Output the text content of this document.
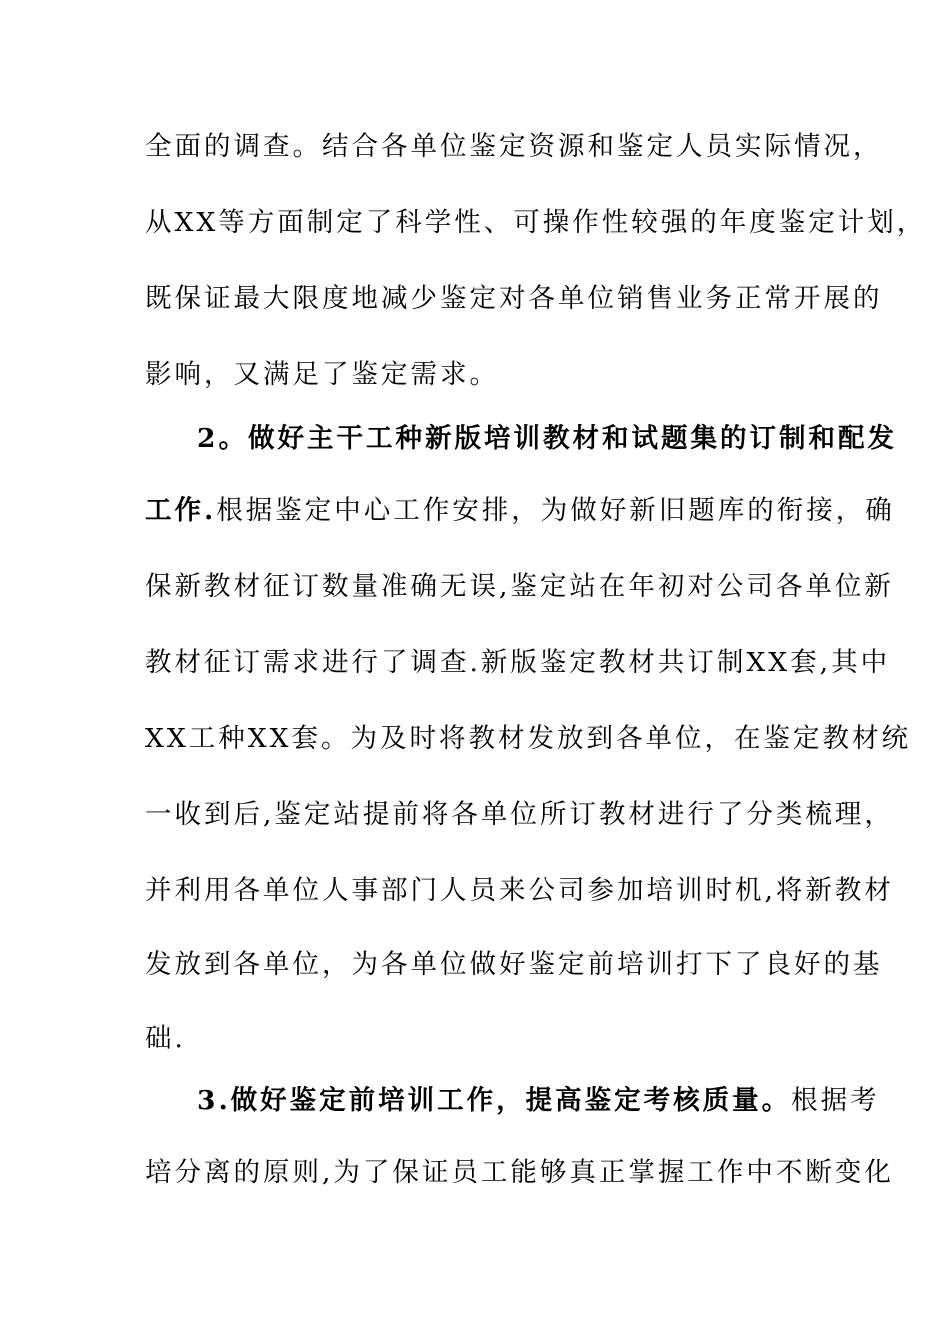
全面的调查。结合各单位鉴定资源和鉴定人员实际情况，
从XX等方面制定了科学性、可操作性较强的年度鉴定计划，
既保证最大限度地减少鉴定对各单位销售业务正常开展的
影响，又满足了鉴定需求。
2。做好主干工种新版培训教材和试题集的订制和配发
工作.根据鉴定中心工作安排，为做好新旧题库的衔接，确
保新教材征订数量准确无误,鉴定站在年初对公司各单位新
教材征订需求进行了调查.新版鉴定教材共订制XX套,其中
XX工种XX套。为及时将教材发放到各单位，在鉴定教材统
一收到后,鉴定站提前将各单位所订教材进行了分类梳理，
并利用各单位人事部门人员来公司参加培训时机,将新教材
发放到各单位，为各单位做好鉴定前培训打下了良好的基
础.
3.做好鉴定前培训工作，提高鉴定考核质量。根据考
培分离的原则,为了保证员工能够真正掌握工作中不断变化
